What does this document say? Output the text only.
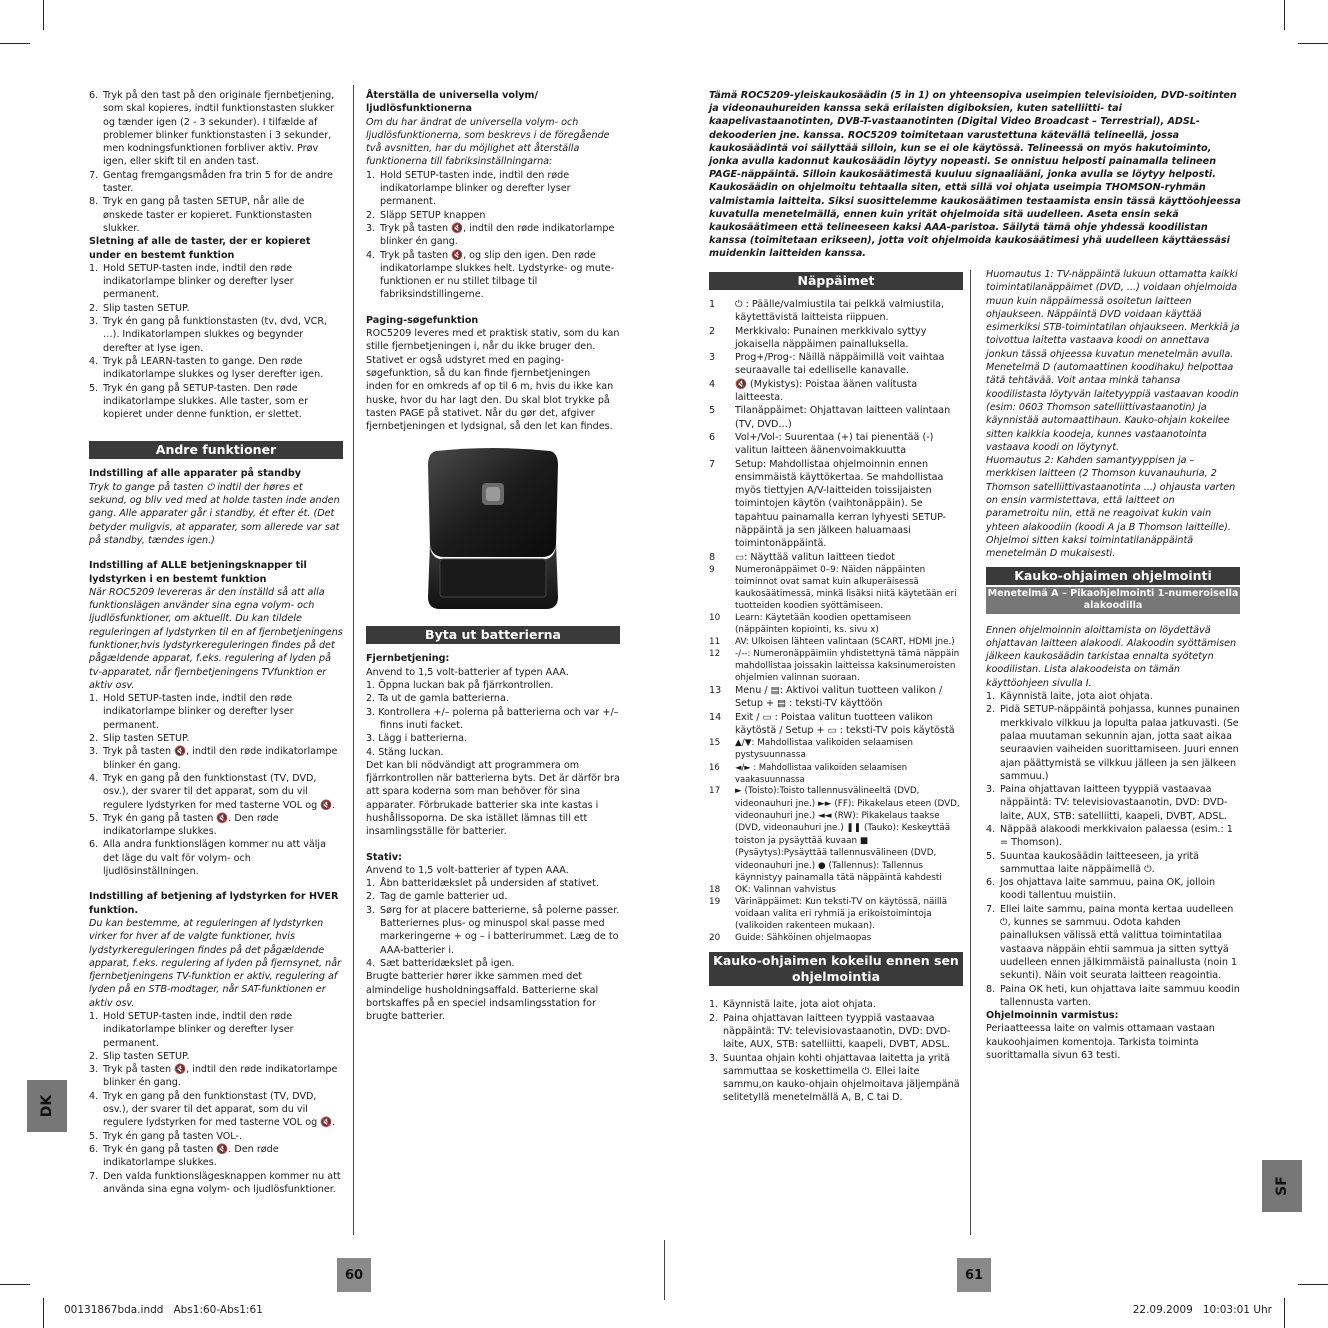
DK
SF
60	61
00131867bda.indd   Abs1:60-Abs1:61	22.09.2009   10:03:01 Uhr
6. Tryk på den tast på den originale fjernbetjening, som skal kopieres, indtil funktionstasten slukker og tænder igen (2 - 3 sekunder). I tilfælde af problemer blinker funktionstasten i 3 sekunder, men kodningsfunktionen forbliver aktiv. Prøv igen, eller skift til en anden tast.
7. Gentag fremgangsmåden fra trin 5 for de andre taster.
8. Tryk en gang på tasten SETUP, når alle de ønskede taster er kopieret. Funktionstasten slukker.

Sletning af alle de taster, der er kopieret under en bestemt funktion

1. Hold SETUP-tasten inde, indtil den røde indikatorlampe blinker og derefter lyser permanent.
2. Slip tasten SETUP.
3. Tryk én gang på funktionstasten (tv, dvd, VCR, …). Indikatorlampen slukkes og begynder derefter at lyse igen.
4. Tryk på LEARN-tasten to gange. Den røde indikatorlampe slukkes og lyser derefter igen.
5. Tryk én gang på SETUP-tasten. Den røde indikatorlampe slukkes. Alle taster, som er kopieret under denne funktion, er slettet.
Andre funktioner

Indstilling af alle apparater på standby

Tryk to gange på tasten ⏻ indtil der høres et sekund, og bliv ved med at holde tasten inde anden gang. Alle apparater går i standby, ét efter ét. (Det betyder muligvis, at apparater, som allerede var sat på standby, tændes igen.)

Indstilling af ALLE betjeningsknapper til lydstyrken i en bestemt funktion

När ROC5209 levereras är den inställd så att alla funktionslägen använder sina egna volym- och ljudlösfunktioner, om aktuellt. Du kan tildele reguleringen af lydstyrken til en af fjernbetjeningens funktioner,hvis lydstyrkereguleringen findes på det pågældende apparat, f.eks. regulering af lyden på tv-apparatet, når fjernbetjeningens TVfunktion er aktiv osv.

1. Hold SETUP-tasten inde, indtil den røde indikatorlampe blinker og derefter lyser permanent.
2. Slip tasten SETUP.
3. Tryk på tasten 🔇, indtil den røde indikatorlampe blinker én gang.
4. Tryk en gang på den funktionstast (TV, DVD, osv.), der svarer til det apparat, som du vil regulere lydstyrken for med tasterne VOL og 🔇.
5. Tryk én gang på tasten 🔇. Den røde indikatorlampe slukkes.
6. Alla andra funktionslägen kommer nu att välja det läge du valt för volym- och ljudlösinställningen.

Indstilling af betjening af lydstyrken for HVER funktion.

Du kan bestemme, at reguleringen af lydstyrken virker for hver af de valgte funktioner, hvis lydstyrkereguleringen findes på det pågældende apparat, f.eks. regulering af lyden på fjernsynet, når fjernbetjeningens TV-funktion er aktiv, regulering af lyden på en STB-modtager, når SAT-funktionen er aktiv osv.

1. Hold SETUP-tasten inde, indtil den røde indikatorlampe blinker og derefter lyser permanent.
2. Slip tasten SETUP.
3. Tryk på tasten 🔇, indtil den røde indikatorlampe blinker én gang.
4. Tryk en gang på den funktionstast (TV, DVD, osv.), der svarer til det apparat, som du vil regulere lydstyrken for med tasterne VOL og 🔇.
5. Tryk én gang på tasten VOL-.
6. Tryk én gang på tasten 🔇. Den røde indikatorlampe slukkes.
7. Den valda funktionslägesknappen kommer nu att använda sina egna volym- och ljudlösfunktioner.

Återställa de universella volym/ ljudlösfunktionerna

Om du har ändrat de universella volym- och ljudlösfunktionerna, som beskrevs i de föregående två avsnitten, har du möjlighet att återställa funktionerna till fabriksinställningarna:

1. Hold SETUP-tasten inde, indtil den røde indikatorlampe blinker og derefter lyser permanent.
2. Släpp SETUP knappen
3. Tryk på tasten 🔇, indtil den røde indikatorlampe blinker én gang.
4. Tryk på tasten 🔇, og slip den igen. Den røde indikatorlampe slukkes helt. Lydstyrke- og mute-funktionen er nu stillet tilbage til fabriksindstillingerne.

Paging-søgefunktion

ROC5209 leveres med et praktisk stativ, som du kan stille fjernbetjeningen i, når du ikke bruger den. Stativet er også udstyret med en paging-søgefunktion, så du kan finde fjernbetjeningen inden for en omkreds af op til 6 m, hvis du ikke kan huske, hvor du har lagt den. Du skal blot trykke på tasten PAGE på stativet. Når du gør det, afgiver fjernbetjeningen et lydsignal, så den let kan findes.

Byta ut batterierna

Fjernbetjening:

Anvend to 1,5 volt-batterier af typen AAA.

1. Öppna luckan bak på fjärrkontrollen.

2. Ta ut de gamla batterierna.

3. Kontrollera +/– polerna på batterierna och var +/– finns inuti facket.

3. Lägg i batterierna.

4. Stäng luckan.

Det kan bli nödvändigt att programmera om fjärrkontrollen när batterierna byts. Det är därför bra att spara koderna som man behöver för sina apparater. Förbrukade batterier ska inte kastas i hushållssoporna. De ska istället lämnas till ett insamlingsställe för batterier.

Stativ:

Anvend to 1,5 volt-batterier af typen AAA.

1. Åbn batteridækslet på undersiden af stativet.
2. Tag de gamle batterier ud.
3. Sørg for at placere batterierne, så polerne passer. Batteriernes plus- og minuspol skal passe med markeringerne + og – i batterirummet. Læg de to AAA-batterier i.
4. Sæt batteridækslet på igen.

Brugte batterier hører ikke sammen med det almindelige husholdningsaffald. Batterierne skal bortskaffes på en speciel indsamlingsstation for brugte batterier.

Tämä ROC5209-yleiskaukosäädin (5 in 1) on yhteensopiva useimpien televisioiden, DVD-soitinten ja videonauhureiden kanssa sekä erilaisten digiboksien, kuten satelliitti- tai kaapelivastaanotinten, DVB-T-vastaanotinten (Digital Video Broadcast – Terrestrial), ADSL-dekooderien jne. kanssa. ROC5209 toimitetaan varustettuna kätevällä telineellä, jossa kaukosäädintä voi säilyttää silloin, kun se ei ole käytössä. Telineessä on myös hakutoiminto, jonka avulla kadonnut kaukosäädin löytyy nopeasti. Se onnistuu helposti painamalla telineen PAGE-näppäintä. Silloin kaukosäätimestä kuuluu signaaliääni, jonka avulla se löytyy helposti. Kaukosäädin on ohjelmoitu tehtaalla siten, että sillä voi ohjata useimpia THOMSON-ryhmän valmistamia laitteita. Siksi suosittelemme kaukosäätimen testaamista ensin tässä käyttöohjeessa kuvatulla menetelmällä, ennen kuin yrität ohjelmoida sitä uudelleen. Aseta ensin sekä kaukosäätimeen että telineeseen kaksi AAA-paristoa. Säilytä tämä ohje yhdessä koodilistan kanssa (toimitetaan erikseen), jotta voit ohjelmoida kaukosäätimesi yhä uudelleen käyttäessäsi muidenkin laitteiden kanssa.
Näppäimet
1 ⏻ : Päälle/valmiustila tai pelkkä valmiustila, käytettävistä laitteista riippuen.
2 Merkkivalo: Punainen merkkivalo syttyy jokaisella näppäimen painalluksella.
3 Prog+/Prog-: Näillä näppäimillä voit vaihtaa seuraavalle tai edelliselle kanavalle.
4 🔇 (Mykistys): Poistaa äänen valitusta laitteesta.
5 Tilanäppäimet: Ohjattavan laitteen valintaan (TV, DVD…)
6 Vol+/Vol-: Suurentaa (+) tai pienentää (-) valitun laitteen äänenvoimakkuutta
7 Setup: Mahdollistaa ohjelmoinnin ennen ensimmäistä käyttökertaa. Se mahdollistaa myös tiettyjen A/V-laitteiden toissijaisten toimintojen käytön (vaihtonäppäin). Se tapahtuu painamalla kerran lyhyesti SETUP-näppäintä ja sen jälkeen haluamaasi toimintonäppäintä.
8 ▭: Näyttää valitun laitteen tiedot
9 Numeronäppäimet 0–9: Näiden näppäinten toiminnot ovat samat kuin alkuperäisessä kaukosäätimessä, minkä lisäksi niitä käytetään eri tuotteiden koodien syöttämiseen.
10 Learn: Käytetään koodien opettamiseen (näppäinten kopiointi, ks. sivu x)
11 AV: Ulkoisen lähteen valintaan (SCART, HDMI jne.)
12 -/--: Numeronäppäimiin yhdistettynä tämä näppäin mahdollistaa joissakin laitteissa kaksinumeroisten ohjelmien valinnan suoraan.
13 Menu / ▤: Aktivoi valitun tuotteen valikon / Setup + ▤ : teksti-TV käyttöön
14 Exit / ▭ : Poistaa valitun tuotteen valikon käytöstä / Setup + ▭ : teksti-TV pois käytöstä
15 ▲/▼: Mahdollistaa valikoiden selaamisen pystysuunnassa
16 ◄/► : Mahdollistaa valikoiden selaamisen vaakasuunnassa
17 ► (Toisto):Toisto tallennusvälineeltä (DVD, videonauhuri jne.) ►► (FF): Pikakelaus eteen (DVD, videonauhuri jne.) ◄◄ (RW): Pikakelaus taakse (DVD, videonauhuri jne.) ❚❚ (Tauko): Keskeyttää toiston ja pysäyttää kuvaan ■ (Pysäytys):Pysäyttää tallennusvälineen (DVD, videonauhuri jne.) ● (Tallennus): Tallennus käynnistyy painamalla tätä näppäintä kahdesti
18 OK: Valinnan vahvistus
19 Värinäppäimet: Kun teksti-TV on käytössä, näillä voidaan valita eri ryhmiä ja erikoistoimintoja (valikoiden rakenteen mukaan).
20 Guide: Sähköinen ohjelmaopas
Kauko-ohjaimen kokeilu ennen sen ohjelmointia
1. Käynnistä laite, jota aiot ohjata.
2. Paina ohjattavan laitteen tyyppiä vastaavaa näppäintä: TV: televisiovastaanotin, DVD: DVD-laite, AUX, STB: satelliitti, kaapeli, DVBT, ADSL.
3. Suuntaa ohjain kohti ohjattavaa laitetta ja yritä sammuttaa se koskettimella ⏻. Ellei laite sammu,on kauko-ohjain ohjelmoitava jäljempänä selitetyllä menetelmällä A, B, C tai D.

Huomautus 1: TV-näppäintä lukuun ottamatta kaikki toimintatilanäppäimet (DVD, ...) voidaan ohjelmoida muun kuin näppäimessä osoitetun laitteen ohjaukseen. Näppäintä DVD voidaan käyttää esimerkiksi STB-toimintatilan ohjaukseen. Merkkiä ja toivottua laitetta vastaava koodi on annettava jonkun tässä ohjeessa kuvatun menetelmän avulla. Menetelmä D (automaattinen koodihaku) helpottaa tätä tehtävää. Voit antaa minkä tahansa koodilistasta löytyvän laitetyyppiä vastaavan koodin (esim: 0603 Thomson satelliittivastaanotin) ja käynnistää automaattihaun. Kauko-ohjain kokeilee sitten kaikkia koodeja, kunnes vastaanotointa vastaava koodi on löytynyt.

Huomautus 2: Kahden samantyyppisen ja –merkkisen laitteen (2 Thomson kuvanauhuria, 2 Thomson satelliittivastaanotinta ...) ohjausta varten on ensin varmistettava, että laitteet on parametroitu niin, että ne reagoivat kukin vain yhteen alakoodiin (koodi A ja B Thomson laitteille). Ohjelmoi sitten kaksi toimintatilanäppäintä menetelmän D mukaisesti.

Kauko-ohjaimen ohjelmointi
Menetelmä A – Pikaohjelmointi 1-numeroisella alakoodilla

Ennen ohjelmoinnin aloittamista on löydettävä ohjattavan laitteen alakoodi. Alakoodin syöttämisen jälkeen kaukosäädin tarkistaa ennalta syötetyn koodilistan. Lista alakoodeista on tämän käyttöohjeen sivulla I.

1. Käynnistä laite, jota aiot ohjata.
2. Pidä SETUP-näppäintä pohjassa, kunnes punainen merkkivalo vilkkuu ja lopulta palaa jatkuvasti. (Se palaa muutaman sekunnin ajan, jotta saat aikaa seuraavien vaiheiden suorittamiseen. Juuri ennen ajan päättymistä se vilkkuu jälleen ja sen jälkeen sammuu.)
3. Paina ohjattavan laitteen tyyppiä vastaavaa näppäintä: TV: televisiovastaanotin, DVD: DVD-laite, AUX, STB: satelliitti, kaapeli, DVBT, ADSL.
4. Näppää alakoodi merkkivalon palaessa (esim.: 1 = Thomson).
5. Suuntaa kaukosäädin laitteeseen, ja yritä sammuttaa laite näppäimellä ⏻.
6. Jos ohjattava laite sammuu, paina OK, jolloin koodi tallentuu muistiin.
7. Ellei laite sammu, paina monta kertaa uudelleen ⏻, kunnes se sammuu. Odota kahden painalluksen välissä että valittua toimintatilaa vastaava näppäin ehtii sammua ja sitten syttyä uudelleen ennen jälkimmäistä painallusta (noin 1 sekunti). Näin voit seurata laitteen reagointia.
8. Paina OK heti, kun ohjattava laite sammuu koodin tallennusta varten.

Ohjelmoinnin varmistus:

Periaatteessa laite on valmis ottamaan vastaan kaukoohjaimen komentoja. Tarkista toiminta suorittamalla sivun 63 testi.
